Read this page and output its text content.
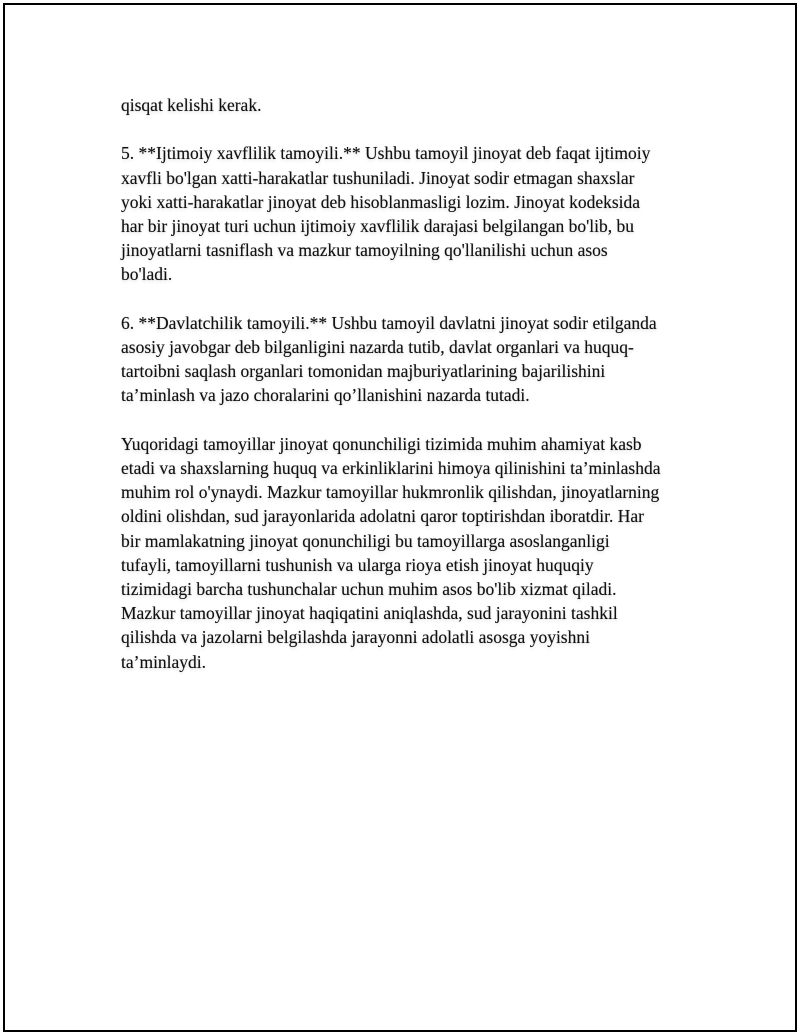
qisqat kelishi kerak.

5. **Ijtimoiy xavflilik tamoyili.** Ushbu tamoyil jinoyat deb faqat ijtimoiy
xavfli bo'lgan xatti-harakatlar tushuniladi. Jinoyat sodir etmagan shaxslar
yoki xatti-harakatlar jinoyat deb hisoblanmasligi lozim. Jinoyat kodeksida
har bir jinoyat turi uchun ijtimoiy xavflilik darajasi belgilangan bo'lib, bu
jinoyatlarni tasniflash va mazkur tamoyilning qo'llanilishi uchun asos
bo'ladi.

6. **Davlatchilik tamoyili.** Ushbu tamoyil davlatni jinoyat sodir etilganda
asosiy javobgar deb bilganligini nazarda tutib, davlat organlari va huquq-
tartoibni saqlash organlari tomonidan majburiyatlarining bajarilishini
ta’minlash va jazo choralarini qo’llanishini nazarda tutadi.

Yuqoridagi tamoyillar jinoyat qonunchiligi tizimida muhim ahamiyat kasb
etadi va shaxslarning huquq va erkinliklarini himoya qilinishini ta’minlashda
muhim rol o'ynaydi. Mazkur tamoyillar hukmronlik qilishdan, jinoyatlarning
oldini olishdan, sud jarayonlarida adolatni qaror toptirishdan iboratdir. Har
bir mamlakatning jinoyat qonunchiligi bu tamoyillarga asoslanganligi
tufayli, tamoyillarni tushunish va ularga rioya etish jinoyat huquqiy
tizimidagi barcha tushunchalar uchun muhim asos bo'lib xizmat qiladi.
Mazkur tamoyillar jinoyat haqiqatini aniqlashda, sud jarayonini tashkil
qilishda va jazolarni belgilashda jarayonni adolatli asosga yoyishni
ta’minlaydi.
